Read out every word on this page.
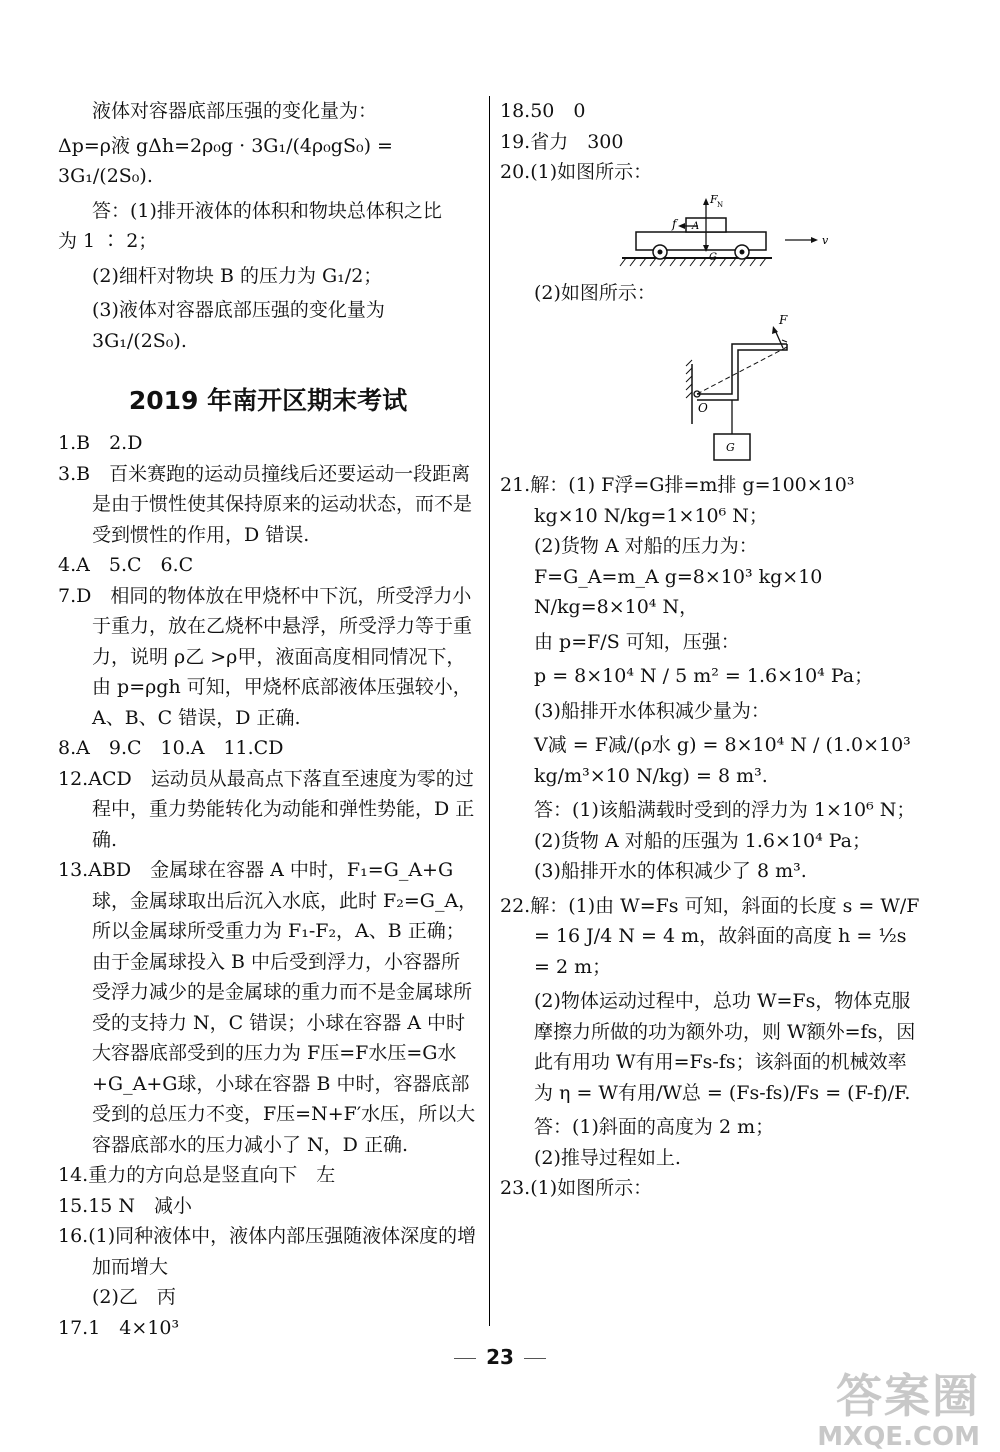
液体对容器底部压强的变化量为：

Δp=ρ液 gΔh=2ρ₀g · 3G₁/(4ρ₀gS₀) = 3G₁/(2S₀).

答：(1)排开液体的体积和物块总体积之比

为 1 ∶ 2；

(2)细杆对物块 B 的压力为 G₁/2；

(3)液体对容器底部压强的变化量为 3G₁/(2S₀).

2019 年南开区期末考试

1.B　2.D

3.B　百米赛跑的运动员撞线后还要运动一段距离是由于惯性使其保持原来的运动状态，而不是受到惯性的作用，D 错误.

4.A　5.C　6.C

7.D　相同的物体放在甲烧杯中下沉，所受浮力小于重力，放在乙烧杯中悬浮，所受浮力等于重力，说明 ρ乙 >ρ甲，液面高度相同情况下，由 p=ρgh 可知，甲烧杯底部液体压强较小，A、B、C 错误，D 正确.

8.A　9.C　10.A　11.CD

12.ACD　运动员从最高点下落直至速度为零的过程中，重力势能转化为动能和弹性势能，D 正确.

13.ABD　金属球在容器 A 中时，F₁=G_A+G球，金属球取出后沉入水底，此时 F₂=G_A，所以金属球所受重力为 F₁-F₂，A、B 正确；由于金属球投入 B 中后受到浮力，小容器所受浮力减少的是金属球的重力而不是金属球所受的支持力 N，C 错误；小球在容器 A 中时大容器底部受到的压力为 F压=F水压=G水+G_A+G球，小球在容器 B 中时，容器底部受到的总压力不变，F压=N+F′水压，所以大容器底部水的压力减小了 N，D 正确.

14.重力的方向总是竖直向下　左

15.15 N　减小

16.(1)同种液体中，液体内部压强随液体深度的增加而增大

(2)乙　丙

17.1　4×10³

18.50　0

19.省力　300

20.(1)如图所示：

F N
f A
G
v

(2)如图所示：

F
O
G

21.解：(1) F浮=G排=m排 g=100×10³ kg×10 N/kg=1×10⁶ N；

(2)货物 A 对船的压力为：

F=G_A=m_A g=8×10³ kg×10 N/kg=8×10⁴ N，

由 p=F/S 可知，压强：

p = 8×10⁴ N / 5 m² = 1.6×10⁴ Pa；

(3)船排开水体积减少量为：

V减 = F减/(ρ水 g) = 8×10⁴ N / (1.0×10³ kg/m³×10 N/kg) = 8 m³.

答：(1)该船满载时受到的浮力为 1×10⁶ N；

(2)货物 A 对船的压强为 1.6×10⁴ Pa；

(3)船排开水的体积减少了 8 m³.

22.解：(1)由 W=Fs 可知，斜面的长度 s = W/F = 16 J/4 N = 4 m，故斜面的高度 h = ½s = 2 m；

(2)物体运动过程中，总功 W=Fs，物体克服摩擦力所做的功为额外功，则 W额外=fs，因此有用功 W有用=Fs-fs；该斜面的机械效率为 η = W有用/W总 = (Fs-fs)/Fs = (F-f)/F.

答：(1)斜面的高度为 2 m；

(2)推导过程如上.

23.(1)如图所示：

23
答案圈
MXQE.COM
